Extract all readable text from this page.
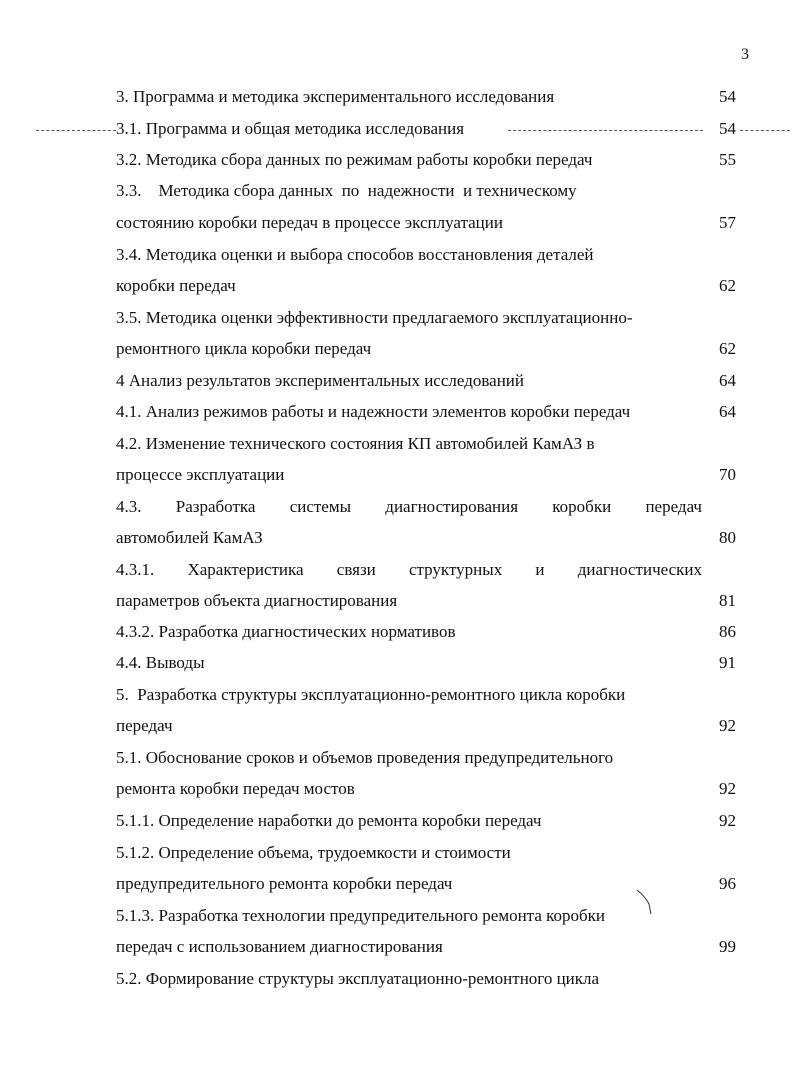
3
3. Программа и методика экспериментального исследования	54
3.1. Программа и общая методика исследования	54
3.2. Методика сбора данных по режимам работы коробки передач	55
3.3.    Методика сбора данных  по  надежности  и техническому
состоянию коробки передач в процессе эксплуатации	57
3.4. Методика оценки и выбора способов восстановления деталей
коробки передач	62
3.5. Методика оценки эффективности предлагаемого эксплуатационно-
ремонтного цикла коробки передач	62
4 Анализ результатов экспериментальных исследований	64
4.1. Анализ режимов работы и надежности элементов коробки передач	64
4.2. Изменение технического состояния КП автомобилей КамАЗ в
процессе эксплуатации	70
4.3. Разработка системы диагностирования коробки передач
автомобилей КамАЗ	80
4.3.1. Характеристика связи структурных и диагностических
параметров объекта диагностирования	81
4.3.2. Разработка диагностических нормативов	86
4.4. Выводы	91
5.  Разработка структуры эксплуатационно-ремонтного цикла коробки
передач	92
5.1. Обоснование сроков и объемов проведения предупредительного
ремонта коробки передач мостов	92
5.1.1. Определение наработки до ремонта коробки передач	92
5.1.2. Определение объема, трудоемкости и стоимости
предупредительного ремонта коробки передач	96
5.1.3. Разработка технологии предупредительного ремонта коробки
передач с использованием диагностирования	99
5.2. Формирование структуры эксплуатационно-ремонтного цикла
